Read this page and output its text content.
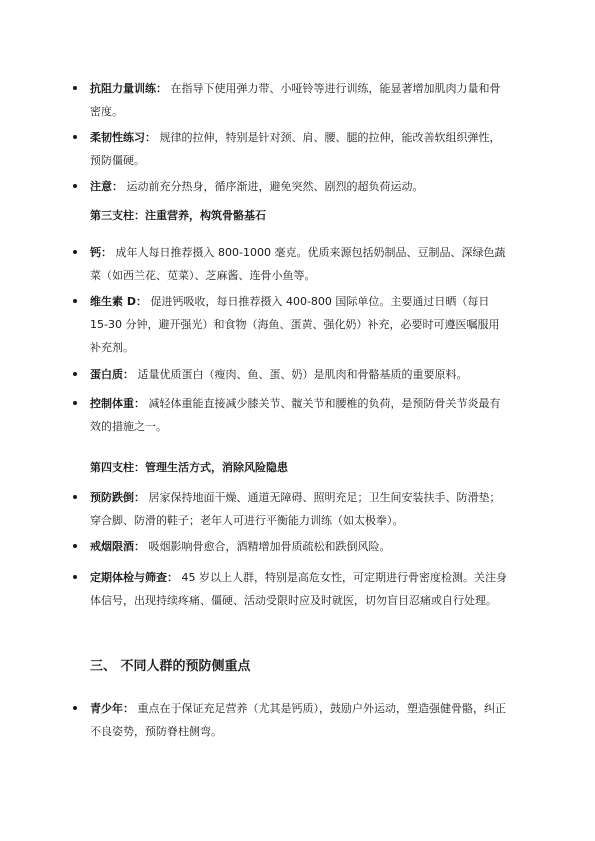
抗阻力量训练： 在指导下使用弹力带、小哑铃等进行训练，能显著增加肌肉力量和骨密度。
柔韧性练习： 规律的拉伸，特别是针对颈、肩、腰、腿的拉伸，能改善软组织弹性，预防僵硬。
注意： 运动前充分热身，循序渐进，避免突然、剧烈的超负荷运动。
第三支柱：注重营养，构筑骨骼基石
钙： 成年人每日推荐摄入 800-1000 毫克。优质来源包括奶制品、豆制品、深绿色蔬菜（如西兰花、苋菜）、芝麻酱、连骨小鱼等。
维生素 D： 促进钙吸收，每日推荐摄入 400-800 国际单位。主要通过日晒（每日 15-30 分钟，避开强光）和食物（海鱼、蛋黄、强化奶）补充，必要时可遵医嘱服用补充剂。
蛋白质： 适量优质蛋白（瘦肉、鱼、蛋、奶）是肌肉和骨骼基质的重要原料。
控制体重： 减轻体重能直接减少膝关节、髋关节和腰椎的负荷，是预防骨关节炎最有效的措施之一。
第四支柱：管理生活方式，消除风险隐患
预防跌倒： 居家保持地面干燥、通道无障碍、照明充足；卫生间安装扶手、防滑垫；穿合脚、防滑的鞋子；老年人可进行平衡能力训练（如太极拳）。
戒烟限酒： 吸烟影响骨愈合，酒精增加骨质疏松和跌倒风险。
定期体检与筛查： 45 岁以上人群，特别是高危女性，可定期进行骨密度检测。关注身体信号，出现持续疼痛、僵硬、活动受限时应及时就医，切勿盲目忍痛或自行处理。
三、 不同人群的预防侧重点
青少年： 重点在于保证充足营养（尤其是钙质），鼓励户外运动，塑造强健骨骼，纠正不良姿势，预防脊柱侧弯。
